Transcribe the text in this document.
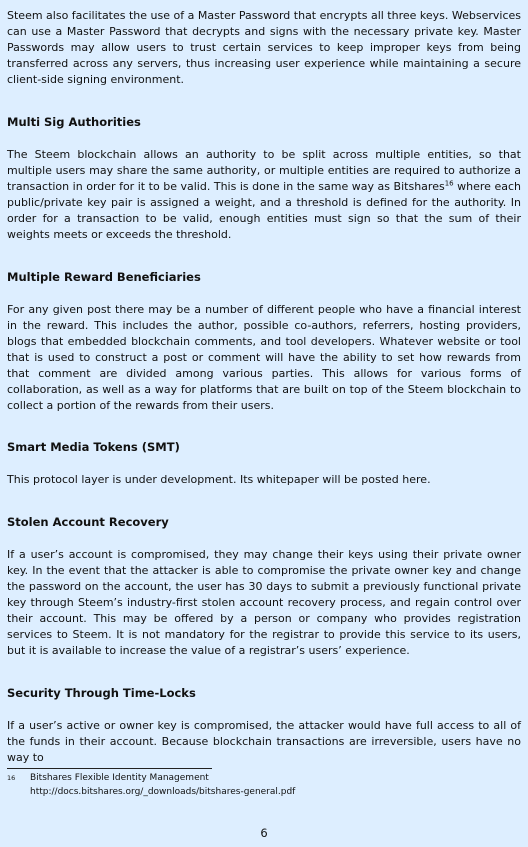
Steem also facilitates the use of a Master Password that encrypts all three keys. Webservices can use a Master Password that decrypts and signs with the necessary private key. Master Passwords may allow users to trust certain services to keep improper keys from being transferred across any servers, thus increasing user experience while maintaining a secure client-side signing environment.

Multi Sig Authorities

The Steem blockchain allows an authority to be split across multiple entities, so that multiple users may share the same authority, or multiple entities are required to authorize a transaction in order for it to be valid. This is done in the same way as Bitshares$^{16}$ where each public/private key pair is assigned a weight, and a threshold is defined for the authority. In order for a transaction to be valid, enough entities must sign so that the sum of their weights meets or exceeds the threshold.

Multiple Reward Beneficiaries

For any given post there may be a number of different people who have a financial interest in the reward. This includes the author, possible co-authors, referrers, hosting providers, blogs that embedded blockchain comments, and tool developers. Whatever website or tool that is used to construct a post or comment will have the ability to set how rewards from that comment are divided among various parties. This allows for various forms of collaboration, as well as a way for platforms that are built on top of the Steem blockchain to collect a portion of the rewards from their users.

Smart Media Tokens (SMT)

This protocol layer is under development. Its whitepaper will be posted here.

Stolen Account Recovery

If a user’s account is compromised, they may change their keys using their private owner key. In the event that the attacker is able to compromise the private owner key and change the password on the account, the user has 30 days to submit a previously functional private key through Steem’s industry-first stolen account recovery process, and regain control over their account. This may be offered by a person or company who provides registration services to Steem. It is not mandatory for the registrar to provide this service to its users, but it is available to increase the value of a registrar’s users’ experience.

Security Through Time-Locks

If a user’s active or owner key is compromised, the attacker would have full access to all of the funds in their account. Because blockchain transactions are irreversible, users have no way to

$^{16}$	Bitshares Flexible Identity Management
http://docs.bitshares.org/_downloads/bitshares-general.pdf
6
